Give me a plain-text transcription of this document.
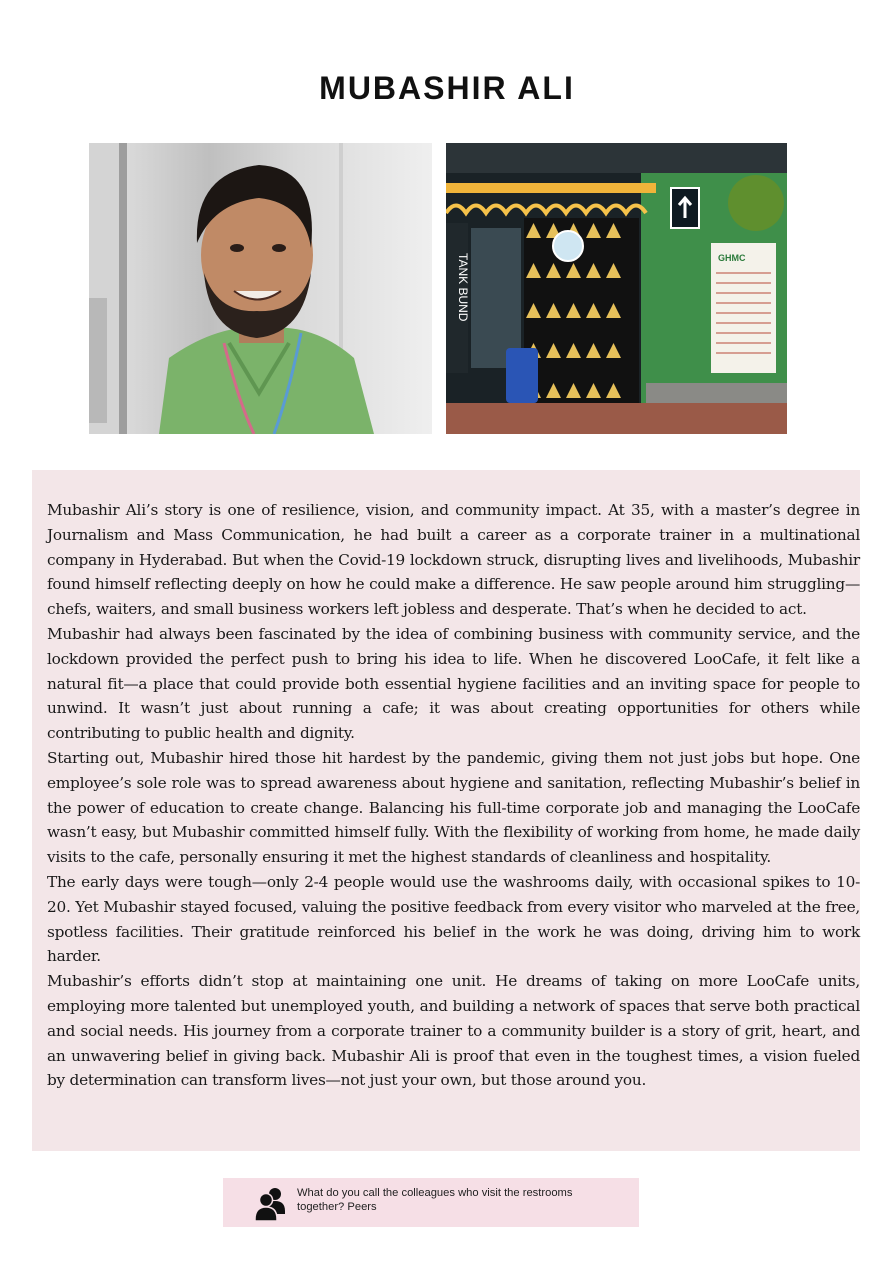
MUBASHIR ALI
TANK BUND	GHMC

Mubashir Ali’s story is one of resilience, vision, and community impact. At 35, with a master’s degree in Journalism and Mass Communication, he had built a career as a corporate trainer in a multinational company in Hyderabad. But when the Covid-19 lockdown struck, disrupting lives and livelihoods, Mubashir found himself reflecting deeply on how he could make a difference. He saw people around him struggling—chefs, waiters, and small business workers left jobless and desperate. That’s when he decided to act.

Mubashir had always been fascinated by the idea of combining business with community service, and the lockdown provided the perfect push to bring his idea to life. When he discovered LooCafe, it felt like a natural fit—a place that could provide both essential hygiene facilities and an inviting space for people to unwind. It wasn’t just about running a cafe; it was about creating opportunities for others while contributing to public health and dignity.

Starting out, Mubashir hired those hit hardest by the pandemic, giving them not just jobs but hope. One employee’s sole role was to spread awareness about hygiene and sanitation, reflecting Mubashir’s belief in the power of education to create change. Balancing his full-time corporate job and managing the LooCafe wasn’t easy, but Mubashir committed himself fully. With the flexibility of working from home, he made daily visits to the cafe, personally ensuring it met the highest standards of cleanliness and hospitality.

The early days were tough—only 2-4 people would use the washrooms daily, with occasional spikes to 10-20. Yet Mubashir stayed focused, valuing the positive feedback from every visitor who marveled at the free, spotless facilities. Their gratitude reinforced his belief in the work he was doing, driving him to work harder.

Mubashir’s efforts didn’t stop at maintaining one unit. He dreams of taking on more LooCafe units, employing more talented but unemployed youth, and building a network of spaces that serve both practical and social needs. His journey from a corporate trainer to a community builder is a story of grit, heart, and an unwavering belief in giving back. Mubashir Ali is proof that even in the toughest times, a vision fueled by determination can transform lives—not just your own, but those around you.

What do you call the colleagues who visit the restrooms together? Peers
